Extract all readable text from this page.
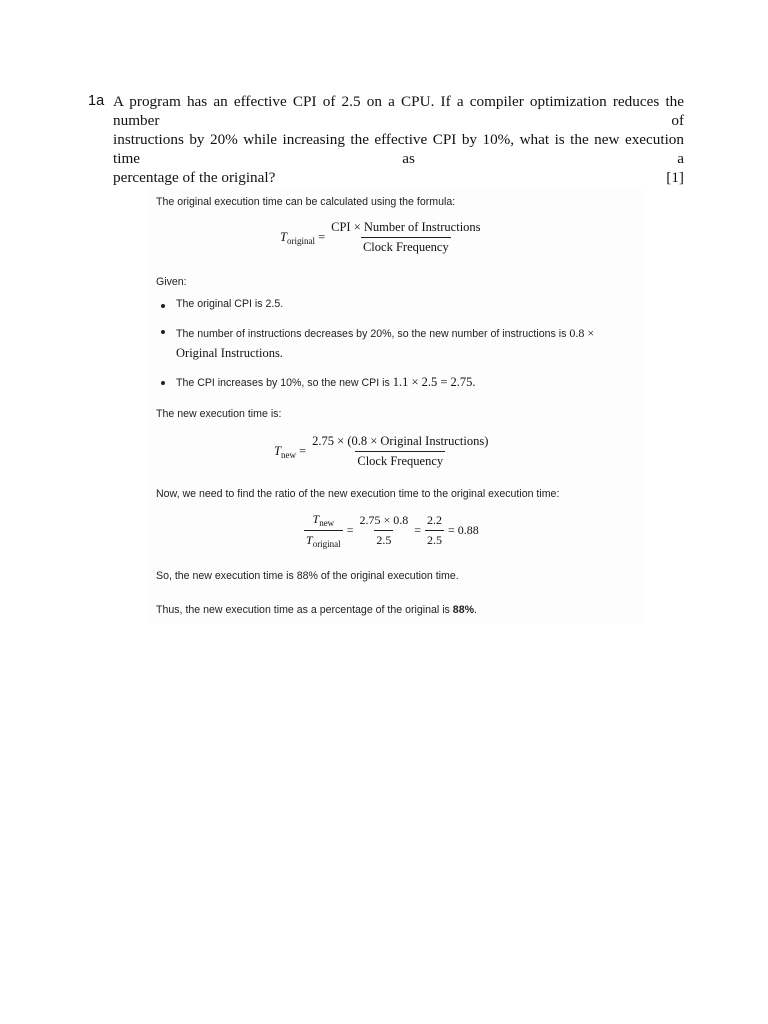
1a A program has an effective CPI of 2.5 on a CPU. If a compiler optimization reduces the number of
instructions by 20% while increasing the effective CPI by 10%, what is the new execution time as a
percentage of the original?	[1]
The original execution time can be calculated using the formula:
$T_{original} = \frac{\text{CPI × Number of Instructions}}{\text{Clock Frequency}}$
Given:
The original CPI is 2.5.
The number of instructions decreases by 20%, so the new number of instructions is 0.8 ×
Original Instructions.
The CPI increases by 10%, so the new CPI is 1.1 × 2.5 = 2.75.
The new execution time is:
$T_{new} = \frac{\text{2.75 × (0.8 × Original Instructions)}}{\text{Clock Frequency}}$
Now, we need to find the ratio of the new execution time to the original execution time:
$\frac{T_{new}}{T_{original}} = \frac{2.75 \times 0.8}{2.5} = \frac{2.2}{2.5} = 0.88$
So, the new execution time is 88% of the original execution time.
Thus, the new execution time as a percentage of the original is 88%.
